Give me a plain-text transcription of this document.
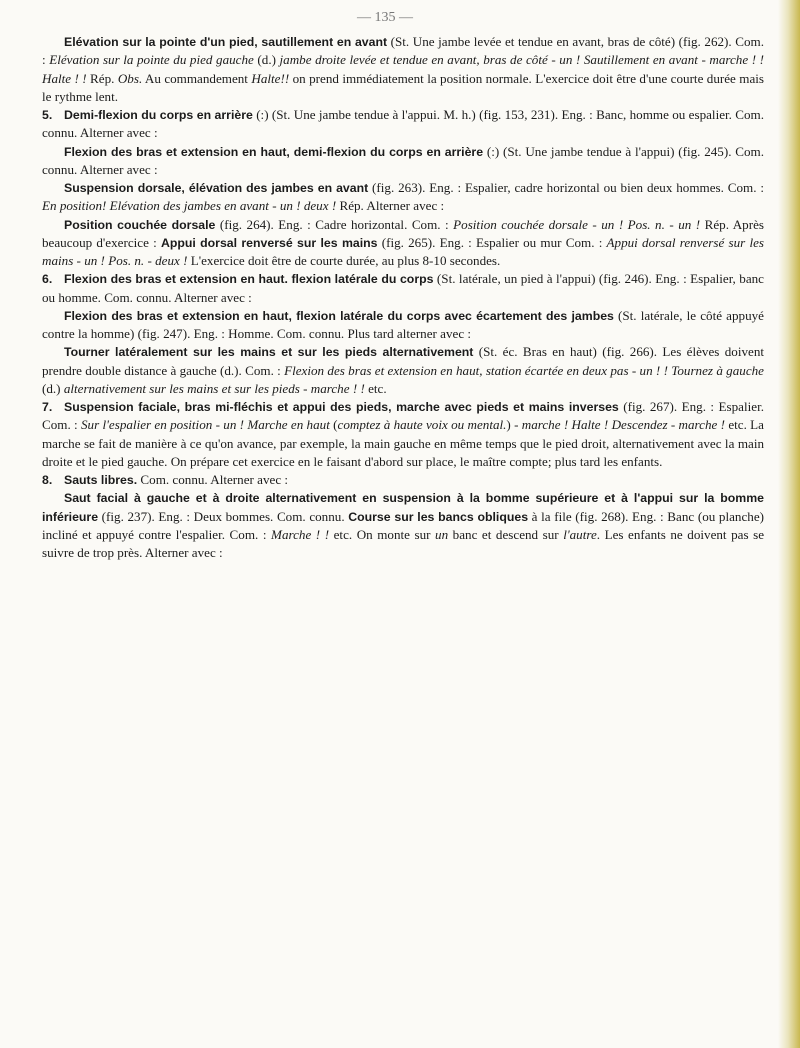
— 135 —

Elévation sur la pointe d'un pied, sautillement en avant (St. Une jambe levée et tendue en avant, bras de côté) (fig. 262). Com. : Elévation sur la pointe du pied gauche (d.) jambe droite levée et tendue en avant, bras de côté - un ! Sautillement en avant - marche ! ! Halte ! ! Rép. Obs. Au commandement Halte!! on prend immédiatement la position normale. L'exercice doit être d'une courte durée mais le rythme lent.

5. Demi-flexion du corps en arrière (:) (St. Une jambe tendue à l'appui. M. h.) (fig. 153, 231). Eng. : Banc, homme ou espalier. Com. connu. Alterner avec :

Flexion des bras et extension en haut, demi-flexion du corps en arrière (:) (St. Une jambe tendue à l'appui) (fig. 245). Com. connu. Alterner avec :

Suspension dorsale, élévation des jambes en avant (fig. 263). Eng. : Espalier, cadre horizontal ou bien deux hommes. Com. : En position! Elévation des jambes en avant - un ! deux ! Rép. Alterner avec :

Position couchée dorsale (fig. 264). Eng. : Cadre horizontal. Com. : Position couchée dorsale - un ! Pos. n. - un ! Rép. Après beaucoup d'exercice : Appui dorsal renversé sur les mains (fig. 265). Eng. : Espalier ou mur Com. : Appui dorsal renversé sur les mains - un ! Pos. n. - deux ! L'exercice doit être de courte durée, au plus 8-10 secondes.

6. Flexion des bras et extension en haut. flexion latérale du corps (St. latérale, un pied à l'appui) (fig. 246). Eng. : Espalier, banc ou homme. Com. connu. Alterner avec :

Flexion des bras et extension en haut, flexion latérale du corps avec écartement des jambes (St. latérale, le côté appuyé contre la homme) (fig. 247). Eng. : Homme. Com. connu. Plus tard alterner avec :

Tourner latéralement sur les mains et sur les pieds alternativement (St. éc. Bras en haut) (fig. 266). Les élèves doivent prendre double distance à gauche (d.). Com. : Flexion des bras et extension en haut, station écartée en deux pas - un ! ! Tournez à gauche (d.) alternativement sur les mains et sur les pieds - marche ! ! etc.

7. Suspension faciale, bras mi-fléchis et appui des pieds, marche avec pieds et mains inverses (fig. 267). Eng. : Espalier. Com. : Sur l'espalier en position - un ! Marche en haut (comptez à haute voix ou mental.) - marche ! Halte ! Descendez - marche ! etc. La marche se fait de manière à ce qu'on avance, par exemple, la main gauche en même temps que le pied droit, alternativement avec la main droite et le pied gauche. On prépare cet exercice en le faisant d'abord sur place, le maître compte; plus tard les enfants.

8. Sauts libres. Com. connu. Alterner avec :

Saut facial à gauche et à droite alternativement en suspension à la bomme supérieure et à l'appui sur la bomme inférieure (fig. 237). Eng. : Deux bommes. Com. connu. Course sur les bancs obliques à la file (fig. 268). Eng. : Banc (ou planche) incliné et appuyé contre l'espalier. Com. : Marche ! ! etc. On monte sur un banc et descend sur l'autre. Les enfants ne doivent pas se suivre de trop près. Alterner avec :
